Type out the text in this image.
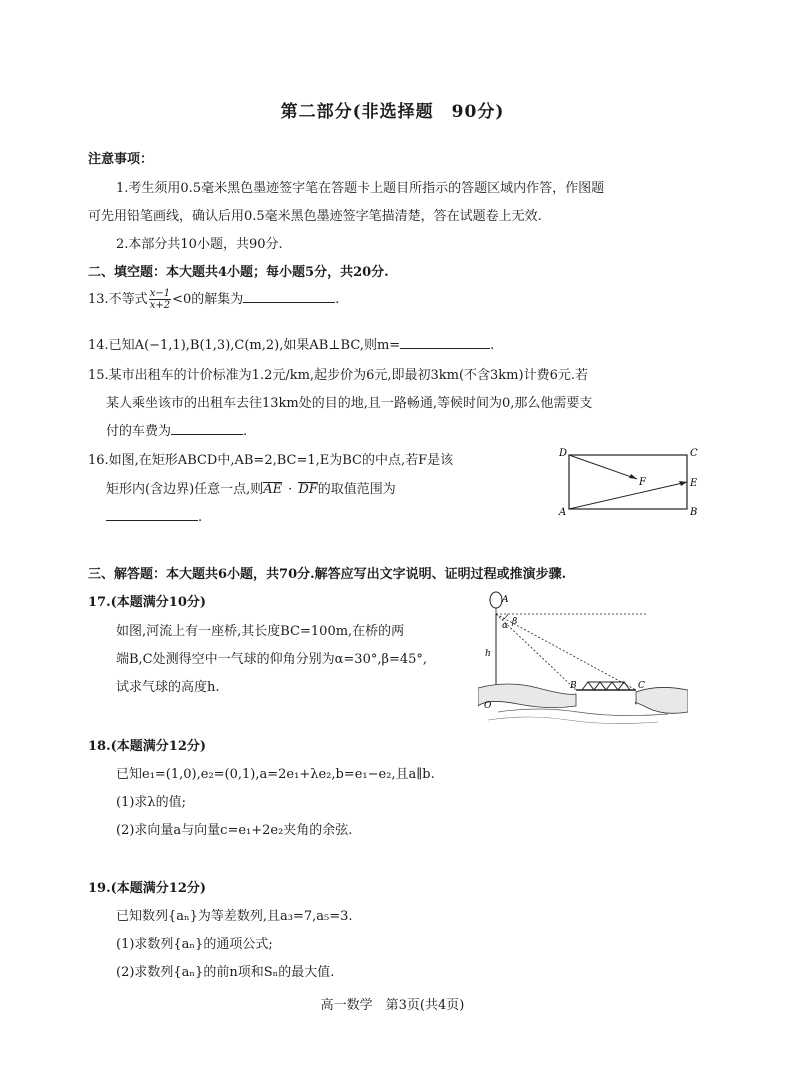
第二部分(非选择题　90分)
注意事项：
1.考生须用0.5毫米黑色墨迹签字笔在答题卡上题目所指示的答题区域内作答，作图题
可先用铅笔画线，确认后用0.5毫米黑色墨迹签字笔描清楚，答在试题卷上无效.
2.本部分共10小题，共90分.
二、填空题：本大题共4小题；每小题5分，共20分.
13.不等式 $\frac{x-1}{x+2} <0$的解集为	.
14.已知A(−1,1),B(1,3),C(m,2),如果AB⊥BC,则m=	.
15.某市出租车的计价标准为1.2元/km,起步价为6元,即最初3km(不含3km)计费6元.若
某人乘坐该市的出租车去往13km处的目的地,且一路畅通,等候时间为0,那么他需要支
付的车费为	.
16.如图,在矩形ABCD中,AB=2,BC=1,E为BC的中点,若F是该
矩形内(含边界)任意一点,则AE · DF的取值范围为
.
D	C
F	E
A	B
三、解答题：本大题共6小题，共70分.解答应写出文字说明、证明过程或推演步骤.
17.(本题满分10分)
如图,河流上有一座桥,其长度BC=100m,在桥的两
端B,C处测得空中一气球的仰角分别为α=30°,β=45°,
试求气球的高度h.
A
α β
h
O
B	C
18.(本题满分12分)
已知e₁=(1,0),e₂=(0,1),a=2e₁+λe₂,b=e₁−e₂,且a∥b.
(1)求λ的值;
(2)求向量a与向量c=e₁+2e₂夹角的余弦.
19.(本题满分12分)
已知数列{aₙ}为等差数列,且a₃=7,a₅=3.
(1)求数列{aₙ}的通项公式;
(2)求数列{aₙ}的前n项和Sₙ的最大值.
高一数学　第3页(共4页)
